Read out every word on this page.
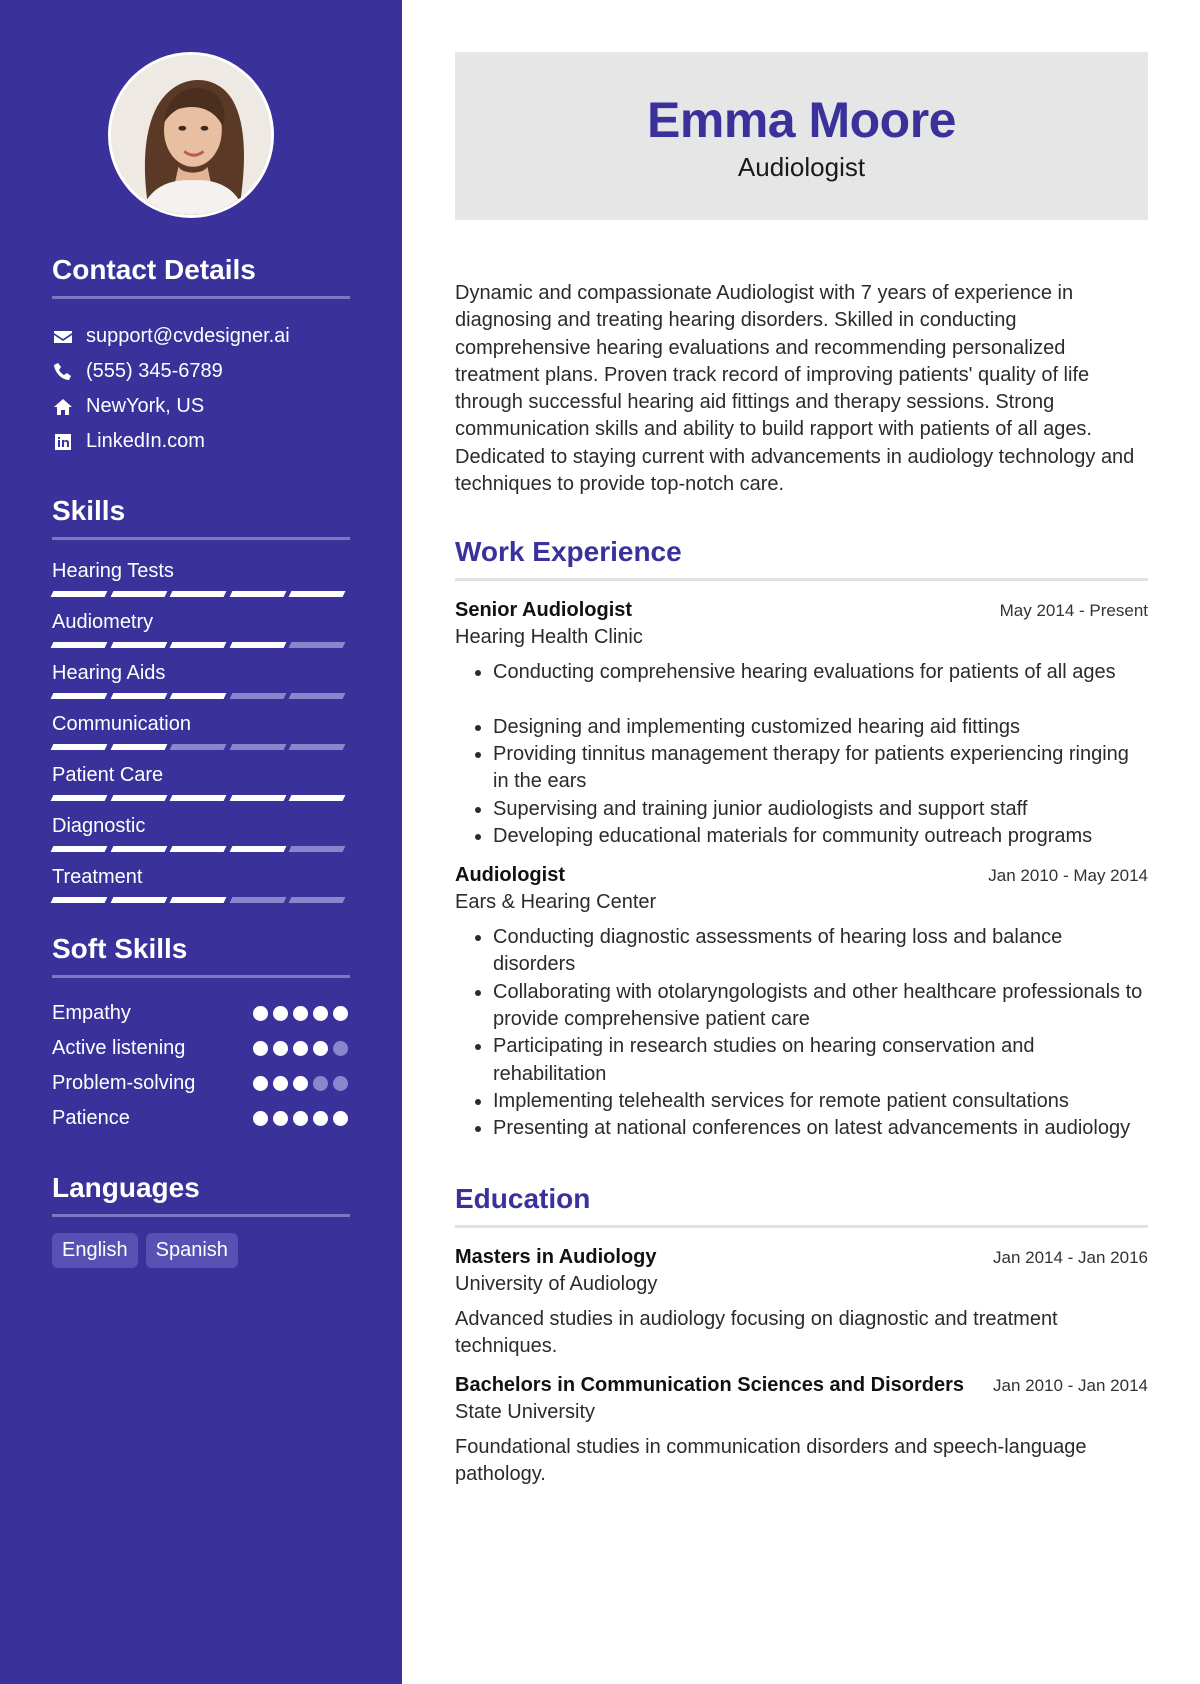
Contact Details
support@cvdesigner.ai
(555) 345-6789
NewYork, US
LinkedIn.com
Skills
Hearing Tests
Audiometry
Hearing Aids
Communication
Patient Care
Diagnostic
Treatment
Soft Skills
Empathy
Active listening
Problem-solving
Patience
Languages
English	Spanish
Emma Moore
Audiologist

Dynamic and compassionate Audiologist with 7 years of experience in diagnosing and treating hearing disorders. Skilled in conducting comprehensive hearing evaluations and recommending personalized treatment plans. Proven track record of improving patients' quality of life through successful hearing aid fittings and therapy sessions. Strong communication skills and ability to build rapport with patients of all ages. Dedicated to staying current with advancements in audiology technology and techniques to provide top-notch care.

Work Experience
Senior Audiologist	May 2014 - Present
Hearing Health Clinic
• Conducting comprehensive hearing evaluations for patients of all ages
• Designing and implementing customized hearing aid fittings
• Providing tinnitus management therapy for patients experiencing ringing in the ears
• Supervising and training junior audiologists and support staff
• Developing educational materials for community outreach programs
Audiologist	Jan 2010 - May 2014
Ears & Hearing Center
• Conducting diagnostic assessments of hearing loss and balance disorders
• Collaborating with otolaryngologists and other healthcare professionals to provide comprehensive patient care
• Participating in research studies on hearing conservation and rehabilitation
• Implementing telehealth services for remote patient consultations
• Presenting at national conferences on latest advancements in audiology
Education
Masters in Audiology	Jan 2014 - Jan 2016
University of Audiology

Advanced studies in audiology focusing on diagnostic and treatment techniques.

Bachelors in Communication Sciences and Disorders Jan 2010 - Jan 2014
State University

Foundational studies in communication disorders and speech-language pathology.
